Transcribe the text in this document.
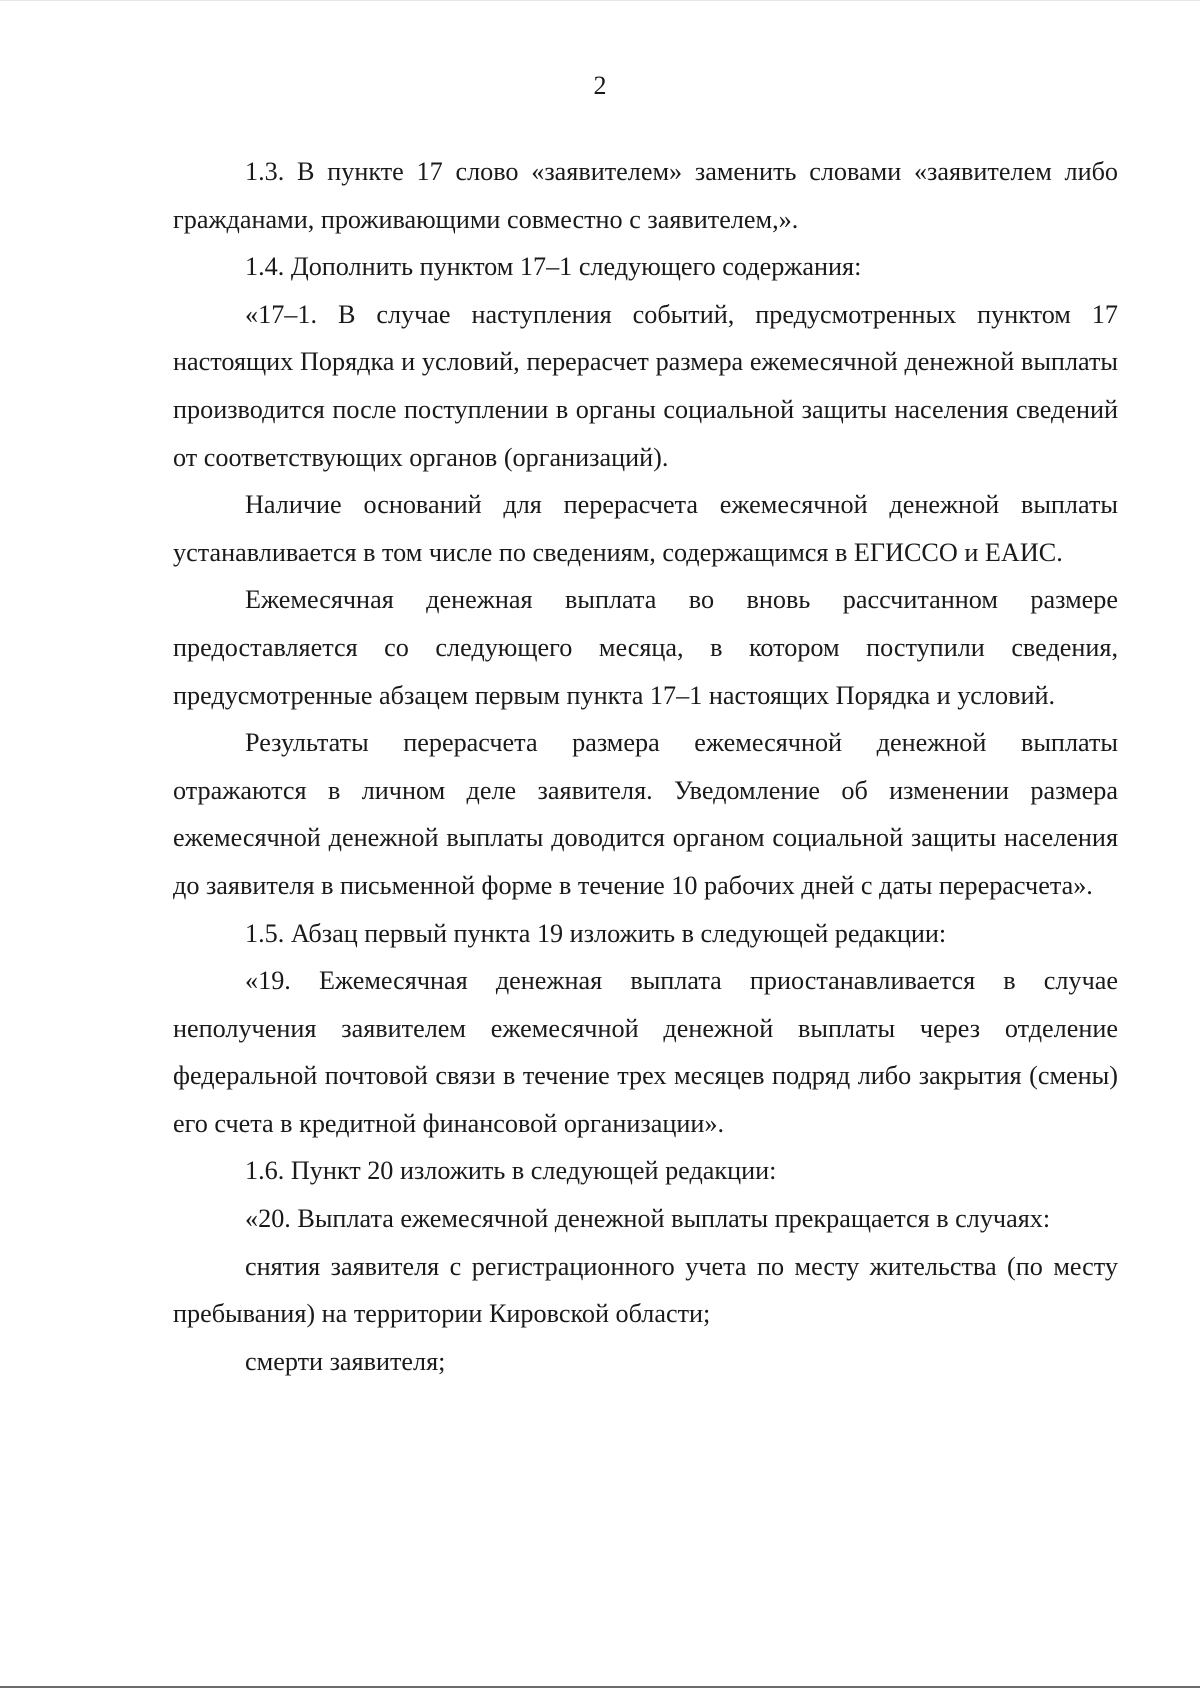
2

1.3. В пункте 17 слово «заявителем» заменить словами «заявителем либо гражданами, проживающими совместно с заявителем,».

1.4. Дополнить пунктом 17–1 следующего содержания:

«17–1. В случае наступления событий, предусмотренных пунктом 17 настоящих Порядка и условий, перерасчет размера ежемесячной денежной выплаты производится после поступлении в органы социальной защиты населения сведений от соответствующих органов (организаций).

Наличие оснований для перерасчета ежемесячной денежной выплаты устанавливается в том числе по сведениям, содержащимся в ЕГИССО и ЕАИС.

Ежемесячная денежная выплата во вновь рассчитанном размере предоставляется со следующего месяца, в котором поступили сведения, предусмотренные абзацем первым пункта 17–1 настоящих Порядка и условий.

Результаты перерасчета размера ежемесячной денежной выплаты отражаются в личном деле заявителя. Уведомление об изменении размера ежемесячной денежной выплаты доводится органом социальной защиты населения до заявителя в письменной форме в течение 10 рабочих дней с даты перерасчета».

1.5. Абзац первый пункта 19 изложить в следующей редакции:

«19. Ежемесячная денежная выплата приостанавливается в случае неполучения заявителем ежемесячной денежной выплаты через отделение федеральной почтовой связи в течение трех месяцев подряд либо закрытия (смены) его счета в кредитной финансовой организации».

1.6. Пункт 20 изложить в следующей редакции:

«20. Выплата ежемесячной денежной выплаты прекращается в случаях:

снятия заявителя с регистрационного учета по месту жительства (по месту пребывания) на территории Кировской области;

смерти заявителя;
